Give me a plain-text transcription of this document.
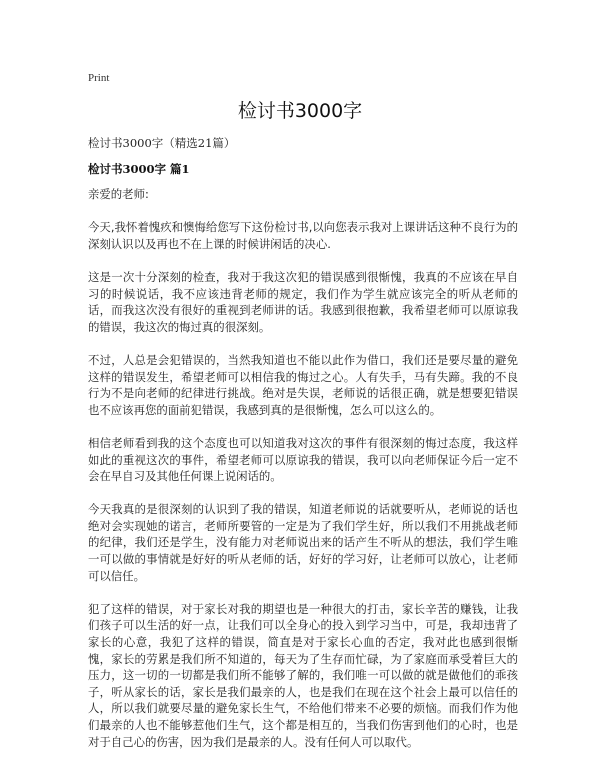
Print
检讨书3000字
检讨书3000字（精选21篇）
检讨书3000字 篇1

亲爱的老师:

今天,我怀着愧疚和懊悔给您写下这份检讨书,以向您表示我对上课讲话这种不良行为的深刻认识以及再也不在上课的时候讲闲话的决心.

这是一次十分深刻的检查，我对于我这次犯的错误感到很惭愧，我真的不应该在早自习的时候说话，我不应该违背老师的规定，我们作为学生就应该完全的听从老师的话，而我这次没有很好的重视到老师讲的话。我感到很抱歉，我希望老师可以原谅我的错误，我这次的悔过真的很深刻。

不过，人总是会犯错误的，当然我知道也不能以此作为借口，我们还是要尽量的避免这样的错误发生，希望老师可以相信我的悔过之心。人有失手，马有失蹄。我的不良行为不是向老师的纪律进行挑战。绝对是失误，老师说的话很正确，就是想要犯错误也不应该再您的面前犯错误，我感到真的是很惭愧，怎么可以这么的。

相信老师看到我的这个态度也可以知道我对这次的事件有很深刻的悔过态度，我这样如此的重视这次的事件，希望老师可以原谅我的错误，我可以向老师保证今后一定不会在早自习及其他任何课上说闲话的。

今天我真的是很深刻的认识到了我的错误，知道老师说的话就要听从，老师说的话也绝对会实现她的诺言，老师所要管的一定是为了我们学生好，所以我们不用挑战老师的纪律，我们还是学生，没有能力对老师说出来的话产生不听从的想法，我们学生唯一可以做的事情就是好好的听从老师的话，好好的学习好，让老师可以放心，让老师可以信任。

犯了这样的错误，对于家长对我的期望也是一种很大的打击，家长辛苦的赚钱，让我们孩子可以生活的好一点，让我们可以全身心的投入到学习当中，可是，我却违背了家长的心意，我犯了这样的错误，简直是对于家长心血的否定，我对此也感到很惭愧，家长的劳累是我们所不知道的，每天为了生存而忙碌，为了家庭而承受着巨大的压力，这一切的一切都是我们所不能够了解的，我们唯一可以做的就是做他们的乖孩子，听从家长的话，家长是我们最亲的人，也是我们在现在这个社会上最可以信任的人，所以我们就要尽量的避免家长生气，不给他们带来不必要的烦恼。而我们作为他们最亲的人也不能够惹他们生气，这个都是相互的，当我们伤害到他们的心时，也是对于自己心的伤害，因为我们是最亲的人。没有任何人可以取代。
